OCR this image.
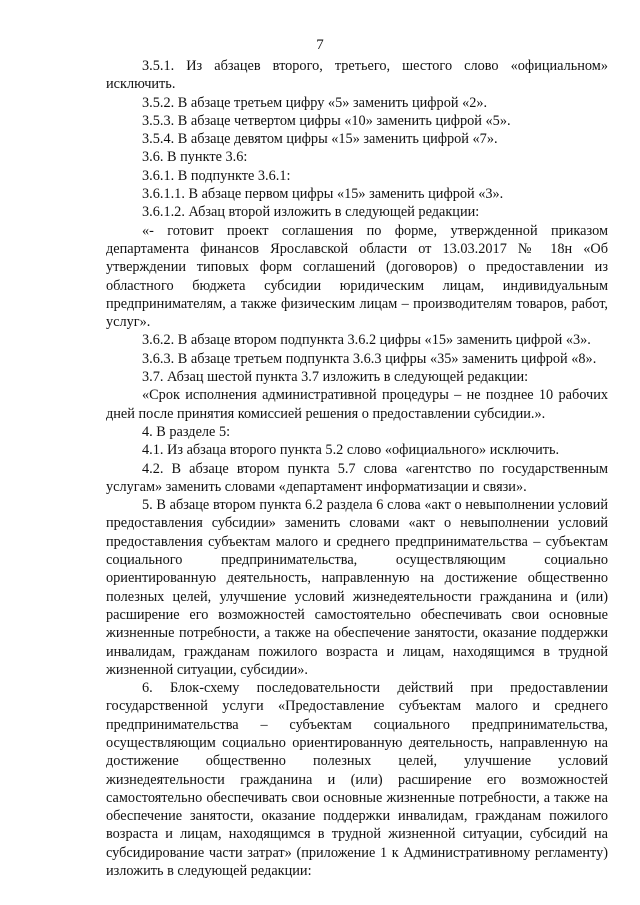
7

3.5.1. Из абзацев второго, третьего, шестого слово «официальном» исключить.

3.5.2. В абзаце третьем цифру «5» заменить цифрой «2».

3.5.3. В абзаце четвертом цифры «10» заменить цифрой «5».

3.5.4. В абзаце девятом цифры «15» заменить цифрой «7».

3.6. В пункте 3.6:

3.6.1. В подпункте 3.6.1:

3.6.1.1. В абзаце первом цифры «15» заменить цифрой «3».

3.6.1.2. Абзац второй изложить в следующей редакции:

«- готовит проект соглашения по форме, утвержденной приказом департамента финансов Ярославской области от 13.03.2017 № 18н «Об утверждении типовых форм соглашений (договоров) о предоставлении из областного бюджета субсидии юридическим лицам, индивидуальным предпринимателям, а также физическим лицам – производителям товаров, работ, услуг».

3.6.2. В абзаце втором подпункта 3.6.2 цифры «15» заменить цифрой «3».

3.6.3. В абзаце третьем подпункта 3.6.3 цифры «35» заменить цифрой «8».

3.7. Абзац шестой пункта 3.7 изложить в следующей редакции:

«Срок исполнения административной процедуры – не позднее 10 рабочих дней после принятия комиссией решения о предоставлении субсидии.».

4. В разделе 5:

4.1. Из абзаца второго пункта 5.2 слово «официального» исключить.

4.2. В абзаце втором пункта 5.7 слова «агентство по государственным услугам» заменить словами «департамент информатизации и связи».

5. В абзаце втором пункта 6.2 раздела 6 слова «акт о невыполнении условий предоставления субсидии» заменить словами «акт о невыполнении условий предоставления субъектам малого и среднего предпринимательства – субъектам социального предпринимательства, осуществляющим социально ориентированную деятельность, направленную на достижение общественно полезных целей, улучшение условий жизнедеятельности гражданина и (или) расширение его возможностей самостоятельно обеспечивать свои основные жизненные потребности, а также на обеспечение занятости, оказание поддержки инвалидам, гражданам пожилого возраста и лицам, находящимся в трудной жизненной ситуации, субсидии».

6. Блок-схему последовательности действий при предоставлении государственной услуги «Предоставление субъектам малого и среднего предпринимательства – субъектам социального предпринимательства, осуществляющим социально ориентированную деятельность, направленную на достижение общественно полезных целей, улучшение условий жизнедеятельности гражданина и (или) расширение его возможностей самостоятельно обеспечивать свои основные жизненные потребности, а также на обеспечение занятости, оказание поддержки инвалидам, гражданам пожилого возраста и лицам, находящимся в трудной жизненной ситуации, субсидий на субсидирование части затрат» (приложение 1 к Административному регламенту) изложить в следующей редакции:
